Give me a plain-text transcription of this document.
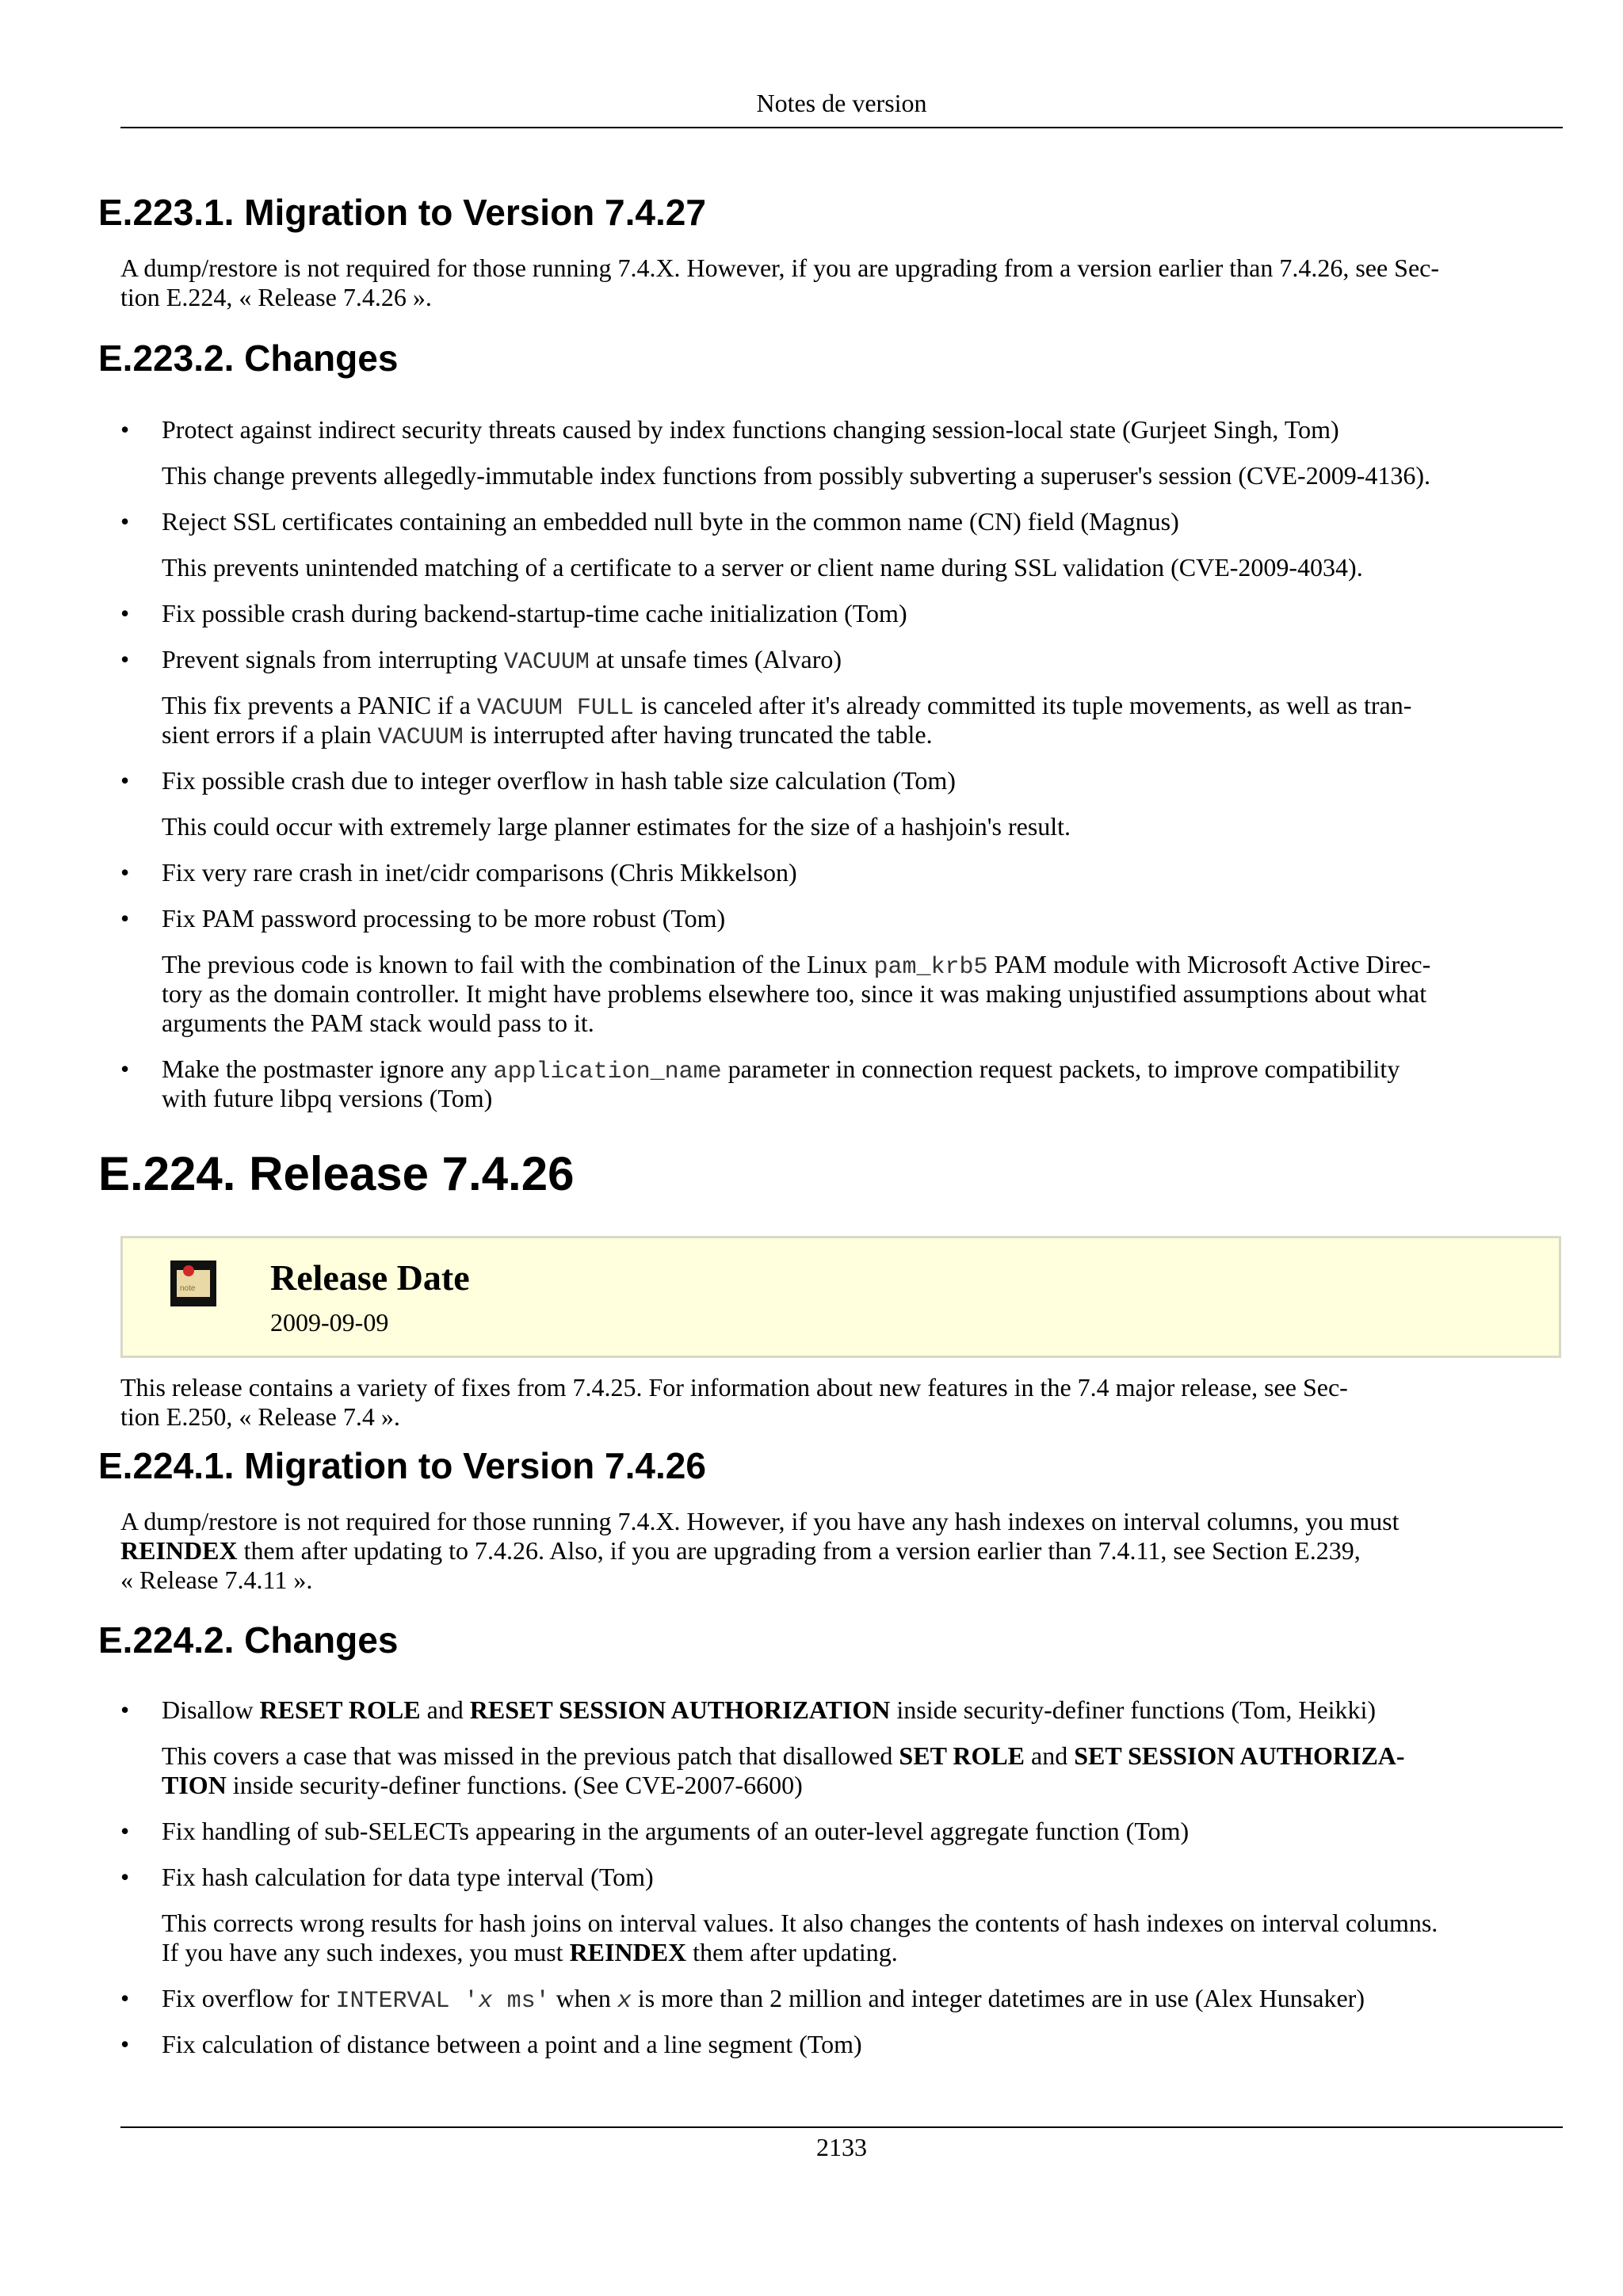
Notes de version
E.223.1. Migration to Version 7.4.27

A dump/restore is not required for those running 7.4.X. However, if you are upgrading from a version earlier than 7.4.26, see Sec-

tion E.224, « Release 7.4.26 ».

E.223.2. Changes
•	Protect against indirect security threats caused by index functions changing session-local state (Gurjeet Singh, Tom)

This change prevents allegedly-immutable index functions from possibly subverting a superuser's session (CVE-2009-4136).

•	Reject SSL certificates containing an embedded null byte in the common name (CN) field (Magnus)

This prevents unintended matching of a certificate to a server or client name during SSL validation (CVE-2009-4034).

•	Fix possible crash during backend-startup-time cache initialization (Tom)
•	Prevent signals from interrupting VACUUM at unsafe times (Alvaro)

This fix prevents a PANIC if a VACUUM FULL is canceled after it's already committed its tuple movements, as well as tran-

sient errors if a plain VACUUM is interrupted after having truncated the table.

•	Fix possible crash due to integer overflow in hash table size calculation (Tom)

This could occur with extremely large planner estimates for the size of a hashjoin's result.

•	Fix very rare crash in inet/cidr comparisons (Chris Mikkelson)
•	Fix PAM password processing to be more robust (Tom)

The previous code is known to fail with the combination of the Linux pam_krb5 PAM module with Microsoft Active Direc-

tory as the domain controller. It might have problems elsewhere too, since it was making unjustified assumptions about what

arguments the PAM stack would pass to it.

•	Make the postmaster ignore any application_name parameter in connection request packets, to improve compatibility

with future libpq versions (Tom)

E.224. Release 7.4.26
note Release Date

2009-09-09

This release contains a variety of fixes from 7.4.25. For information about new features in the 7.4 major release, see Sec-

tion E.250, « Release 7.4 ».

E.224.1. Migration to Version 7.4.26

A dump/restore is not required for those running 7.4.X. However, if you have any hash indexes on interval columns, you must

REINDEX them after updating to 7.4.26. Also, if you are upgrading from a version earlier than 7.4.11, see Section E.239,

« Release 7.4.11 ».

E.224.2. Changes
•	Disallow RESET ROLE and RESET SESSION AUTHORIZATION inside security-definer functions (Tom, Heikki)

This covers a case that was missed in the previous patch that disallowed SET ROLE and SET SESSION AUTHORIZA-

TION inside security-definer functions. (See CVE-2007-6600)

•	Fix handling of sub-SELECTs appearing in the arguments of an outer-level aggregate function (Tom)
•	Fix hash calculation for data type interval (Tom)

This corrects wrong results for hash joins on interval values. It also changes the contents of hash indexes on interval columns.

If you have any such indexes, you must REINDEX them after updating.

•	Fix overflow for INTERVAL 'x ms' when x is more than 2 million and integer datetimes are in use (Alex Hunsaker)
•	Fix calculation of distance between a point and a line segment (Tom)
2133
